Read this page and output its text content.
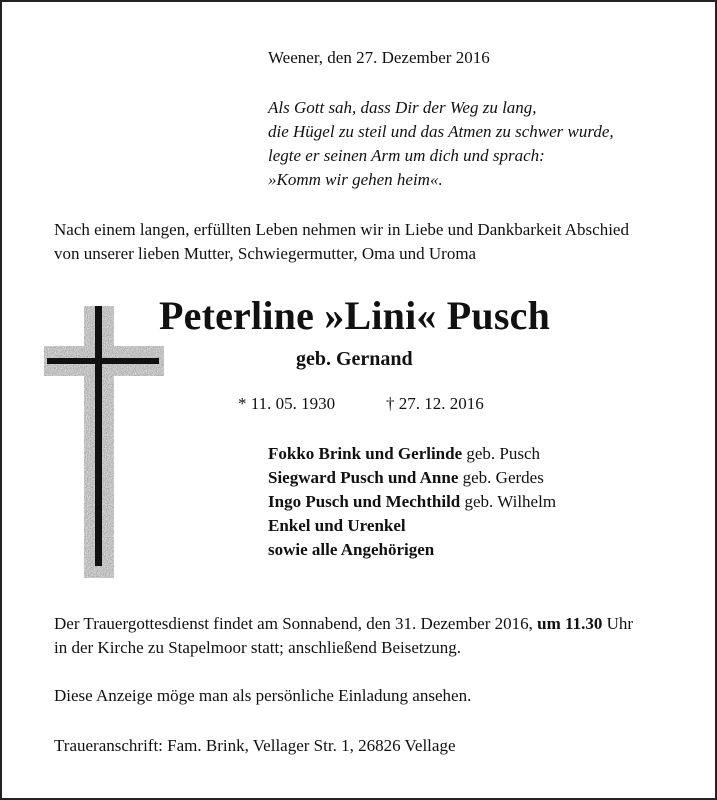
Weener, den 27. Dezember 2016
Als Gott sah, dass Dir der Weg zu lang,
die Hügel zu steil und das Atmen zu schwer wurde,
legte er seinen Arm um dich und sprach:
»Komm wir gehen heim«.
Nach einem langen, erfüllten Leben nehmen wir in Liebe und Dankbarkeit Abschied
von unserer lieben Mutter, Schwiegermutter, Oma und Uroma
Peterline »Lini« Pusch
geb. Gernand
* 11. 05. 1930	† 27. 12. 2016
Fokko Brink und Gerlinde geb. Pusch
Siegward Pusch und Anne geb. Gerdes
Ingo Pusch und Mechthild geb. Wilhelm
Enkel und Urenkel
sowie alle Angehörigen
Der Trauergottesdienst findet am Sonnabend, den 31. Dezember 2016, um 11.30 Uhr
in der Kirche zu Stapelmoor statt; anschließend Beisetzung.
Diese Anzeige möge man als persönliche Einladung ansehen.
Traueranschrift: Fam. Brink, Vellager Str. 1, 26826 Vellage
